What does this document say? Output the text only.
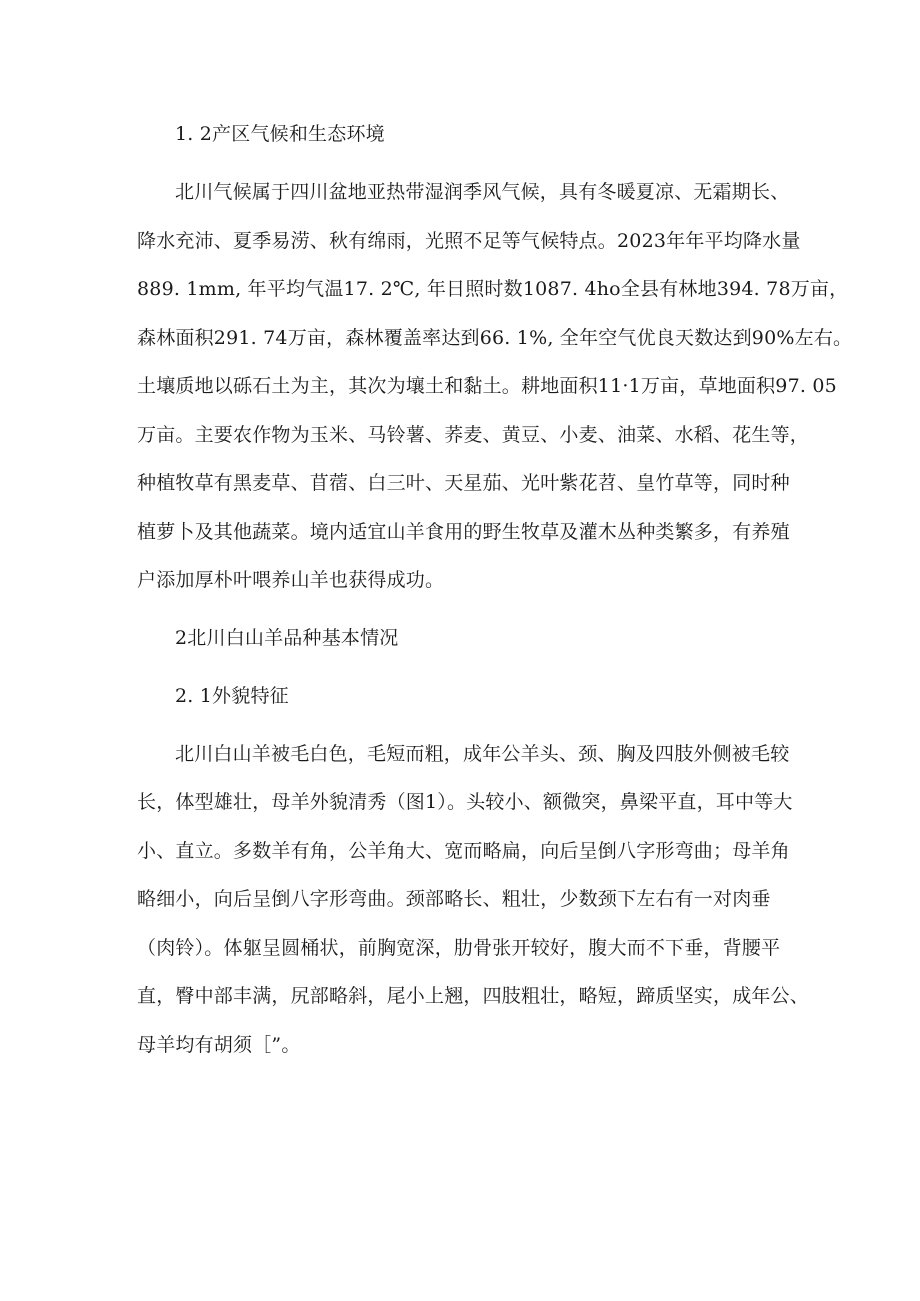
1. 2产区气候和生态环境
北川气候属于四川盆地亚热带湿润季风气候，具有冬暖夏凉、无霜期长、
降水充沛、夏季易涝、秋有绵雨，光照不足等气候特点。2023年年平均降水量
889. 1mm, 年平均气温17. 2℃, 年日照时数1087. 4ho全县有林地394. 78万亩，
森林面积291. 74万亩，森林覆盖率达到66. 1%, 全年空气优良天数达到90%左右。
土壤质地以砾石土为主，其次为壤土和黏土。耕地面积11·1万亩，草地面积97. 05
万亩。主要农作物为玉米、马铃薯、荞麦、黄豆、小麦、油菜、水稻、花生等，
种植牧草有黑麦草、苜蓿、白三叶、天星茄、光叶紫花苕、皇竹草等，同时种
植萝卜及其他蔬菜。境内适宜山羊食用的野生牧草及灌木丛种类繁多，有养殖
户添加厚朴叶喂养山羊也获得成功。
2北川白山羊品种基本情况
2. 1外貌特征
北川白山羊被毛白色，毛短而粗，成年公羊头、颈、胸及四肢外侧被毛较
长，体型雄壮，母羊外貌清秀（图1）。头较小、额微突，鼻梁平直，耳中等大
小、直立。多数羊有角，公羊角大、宽而略扁，向后呈倒八字形弯曲；母羊角
略细小，向后呈倒八字形弯曲。颈部略长、粗壮，少数颈下左右有一对肉垂
（肉铃）。体躯呈圆桶状，前胸宽深，肋骨张开较好，腹大而不下垂，背腰平
直，臀中部丰满，尻部略斜，尾小上翘，四肢粗壮，略短，蹄质坚实，成年公、
母羊均有胡须［”。
